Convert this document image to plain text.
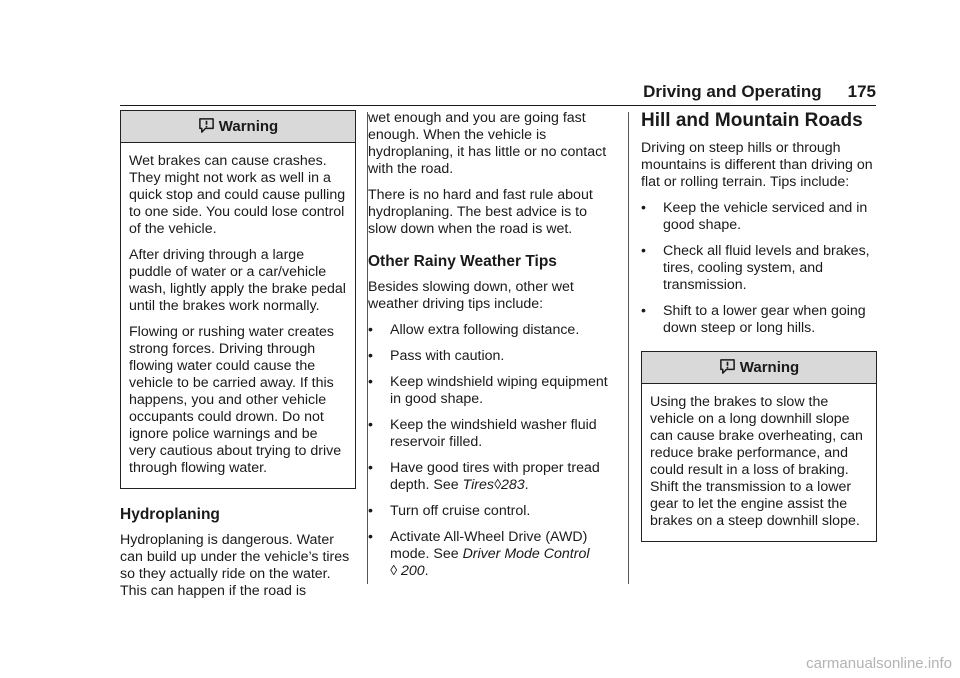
Driving and Operating 175
Warning

Wet brakes can cause crashes. They might not work as well in a quick stop and could cause pulling to one side. You could lose control of the vehicle.

After driving through a large puddle of water or a car/vehicle wash, lightly apply the brake pedal until the brakes work normally.

Flowing or rushing water creates strong forces. Driving through flowing water could cause the vehicle to be carried away. If this happens, you and other vehicle occupants could drown. Do not ignore police warnings and be very cautious about trying to drive through flowing water.

Hydroplaning

Hydroplaning is dangerous. Water can build up under the vehicle’s tires so they actually ride on the water. This can happen if the road is

wet enough and you are going fast enough. When the vehicle is hydroplaning, it has little or no contact with the road.

There is no hard and fast rule about hydroplaning. The best advice is to slow down when the road is wet.

Other Rainy Weather Tips

Besides slowing down, other wet weather driving tips include:

• Allow extra following distance.
• Pass with caution.
• Keep windshield wiping equipment in good shape.
• Keep the windshield washer fluid reservoir filled.
• Have good tires with proper tread depth. See Tires◊283.
• Turn off cruise control.
• Activate All-Wheel Drive (AWD) mode. See Driver Mode Control
◊ 200.
Hill and Mountain Roads

Driving on steep hills or through mountains is different than driving on flat or rolling terrain. Tips include:

• Keep the vehicle serviced and in good shape.
• Check all fluid levels and brakes, tires, cooling system, and transmission.
• Shift to a lower gear when going down steep or long hills.
Warning

Using the brakes to slow the vehicle on a long downhill slope can cause brake overheating, can reduce brake performance, and could result in a loss of braking. Shift the transmission to a lower gear to let the engine assist the brakes on a steep downhill slope.

carmanualsonline.info
